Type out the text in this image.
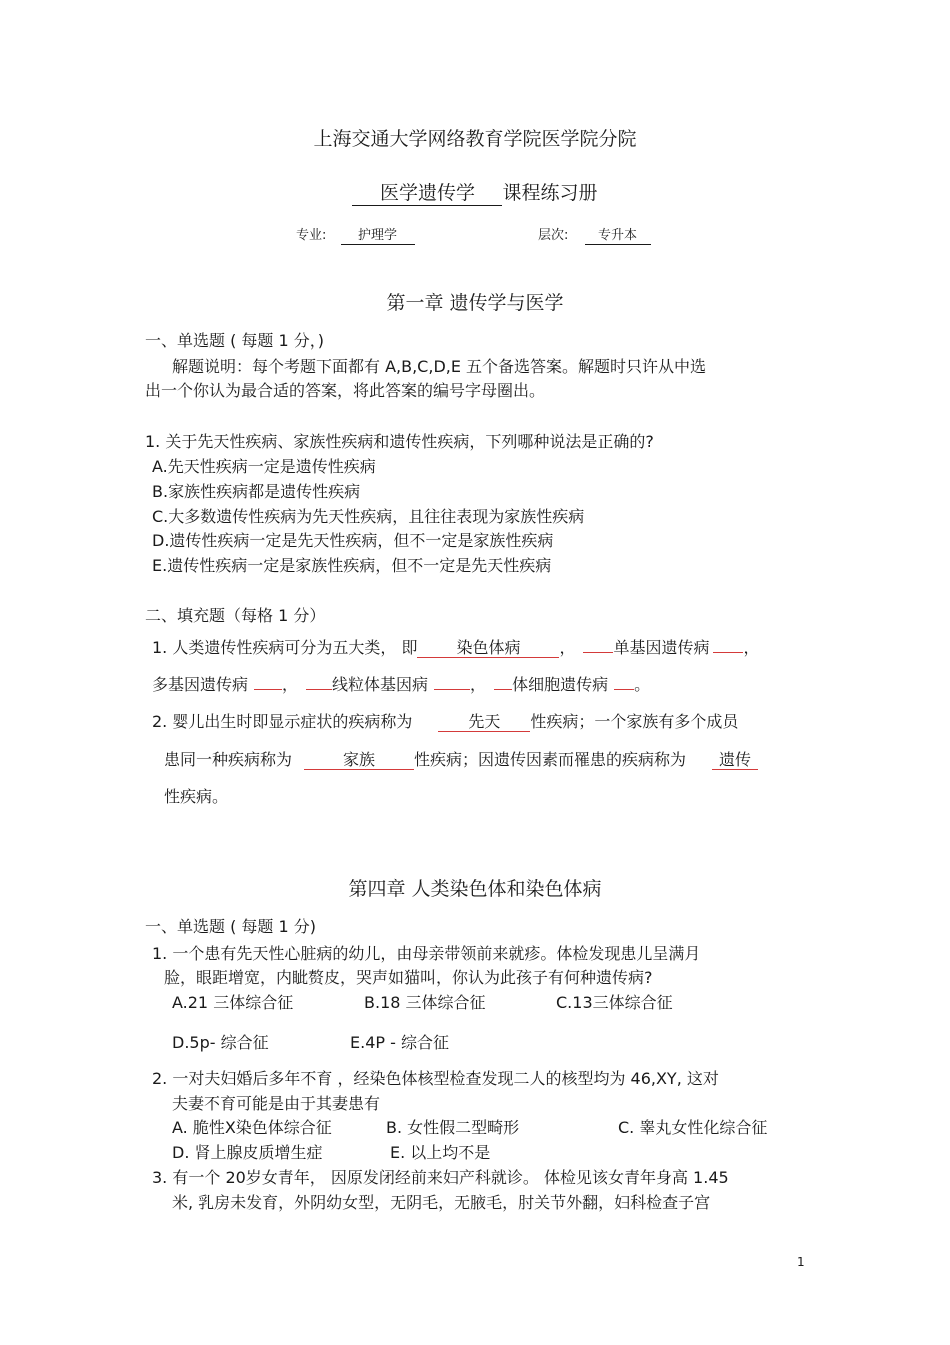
上海交通大学网络教育学院医学院分院
医学遗传学 课程练习册
专业: 护理学	层次: 专升本
第一章 遗传学与医学
一、单选题 ( 每题 1 分，)
解题说明：每个考题下面都有 A,B,C,D,E 五个备选答案。解题时只许从中选
出一个你认为最合适的答案，将此答案的编号字母圈出。
1. 关于先天性疾病、家族性疾病和遗传性疾病，下列哪种说法是正确的?
A.先天性疾病一定是遗传性疾病
B.家族性疾病都是遗传性疾病
C.大多数遗传性疾病为先天性疾病，且往往表现为家族性疾病
D.遗传性疾病一定是先天性疾病，但不一定是家族性疾病
E.遗传性疾病一定是家族性疾病，但不一定是先天性疾病
二、填充题（每格 1 分）
1. 人类遗传性疾病可分为五大类， 即 染色体病 ， 单基因遗传病 ，
多基因遗传病 ， 线粒体基因病	， 体细胞遗传病 。
2. 婴儿出生时即显示症状的疾病称为	先天 性疾病；一个家族有多个成员
患同一种疾病称为	家族 性疾病；因遗传因素而罹患的疾病称为 遗传
性疾病。
第四章 人类染色体和染色体病
一、单选题 ( 每题 1 分)
1. 一个患有先天性心脏病的幼儿，由母亲带领前来就疹。体检发现患儿呈满月
脸，眼距增宽，内眦赘皮，哭声如猫叫，你认为此孩子有何种遗传病?
A.21 三体综合征	B.18 三体综合征	C.13三体综合征
D.5p- 综合征	E.4P - 综合征
2. 一对夫妇婚后多年不育 ，经染色体核型检查发现二人的核型均为 46,XY, 这对
夫妻不育可能是由于其妻患有
A. 脆性X染色体综合征	B. 女性假二型畸形	C. 睾丸女性化综合征
D. 肾上腺皮质增生症	E. 以上均不是
3. 有一个 20岁女青年， 因原发闭经前来妇产科就诊。 体检见该女青年身高 1.45
米, 乳房未发育，外阴幼女型，无阴毛，无腋毛，肘关节外翻，妇科检查子宫
1
